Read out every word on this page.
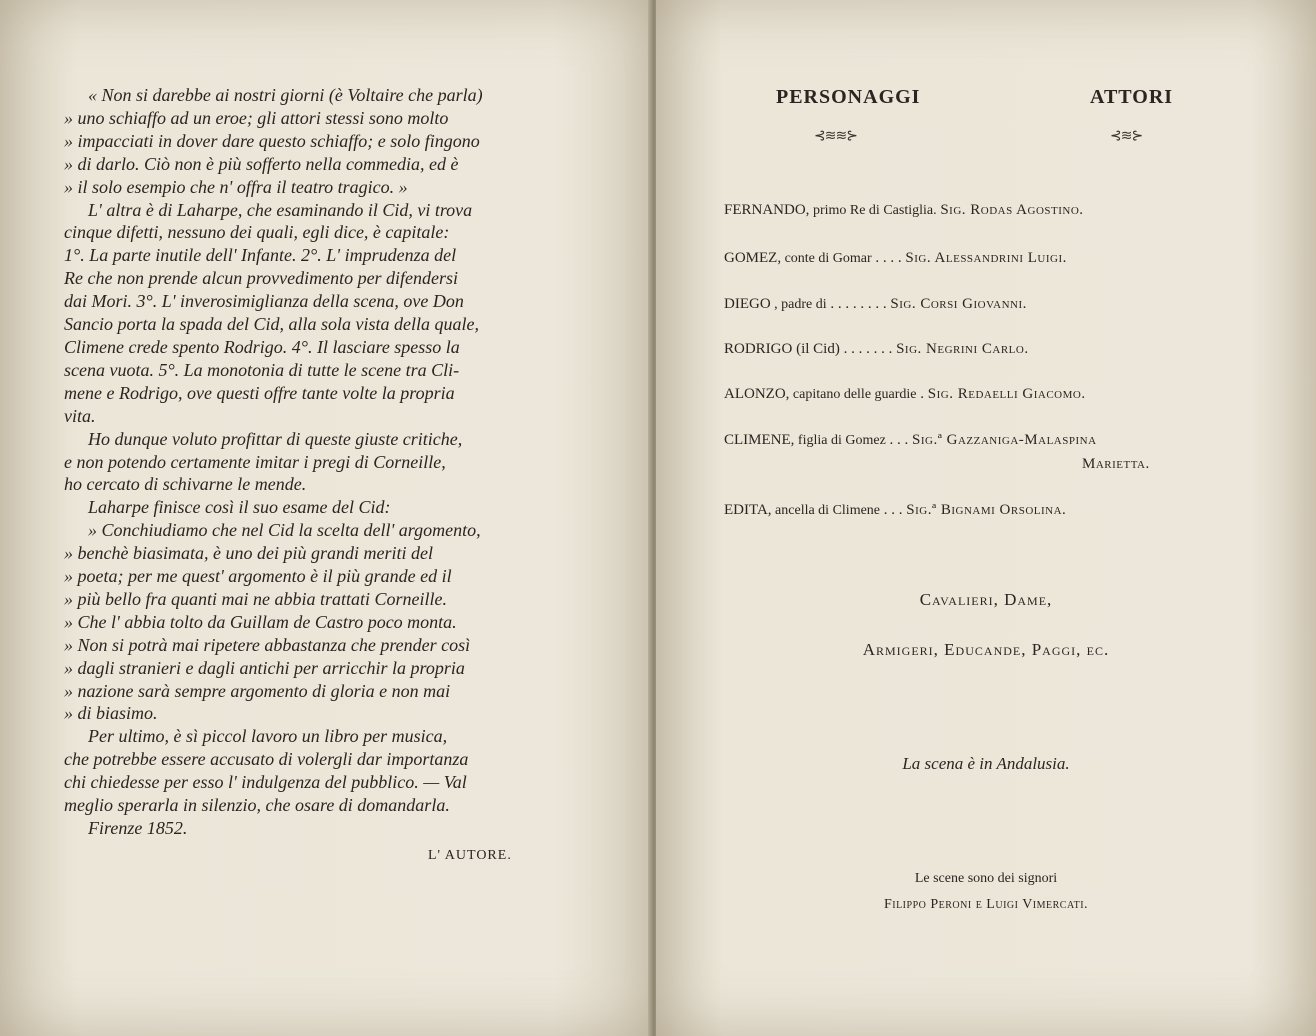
« Non si darebbe ai nostri giorni (è Voltaire che parla)
» uno schiaffo ad un eroe; gli attori stessi sono molto
» impacciati in dover dare questo schiaffo; e solo fingono
» di darlo. Ciò non è più sofferto nella commedia, ed è
» il solo esempio che n' offra il teatro tragico. »
L' altra è di Laharpe, che esaminando il Cid, vi trova
cinque difetti, nessuno dei quali, egli dice, è capitale:
1°. La parte inutile dell' Infante. 2°. L' imprudenza del
Re che non prende alcun provvedimento per difendersi
dai Mori. 3°. L' inverosimiglianza della scena, ove Don
Sancio porta la spada del Cid, alla sola vista della quale,
Climene crede spento Rodrigo. 4°. Il lasciare spesso la
scena vuota. 5°. La monotonia di tutte le scene tra Cli-
mene e Rodrigo, ove questi offre tante volte la propria
vita.
Ho dunque voluto profittar di queste giuste critiche,
e non potendo certamente imitar i pregi di Corneille,
ho cercato di schivarne le mende.
Laharpe finisce così il suo esame del Cid:
» Conchiudiamo che nel Cid la scelta dell' argomento,
» benchè biasimata, è uno dei più grandi meriti del
» poeta; per me quest' argomento è il più grande ed il
» più bello fra quanti mai ne abbia trattati Corneille.
» Che l' abbia tolto da Guillam de Castro poco monta.
» Non si potrà mai ripetere abbastanza che prender così
» dagli stranieri e dagli antichi per arricchir la propria
» nazione sarà sempre argomento di gloria e non mai
» di biasimo.
Per ultimo, è sì piccol lavoro un libro per musica,
che potrebbe essere accusato di volergli dar importanza
chi chiedesse per esso l' indulgenza del pubblico. — Val
meglio sperarla in silenzio, che osare di domandarla.
Firenze 1852.
L' AUTORE.
PERSONAGGI	ATTORI
⊰≋≋⊱	⊰≋⊱
FERNANDO, primo Re di Castiglia. Sig. Rodas Agostino.
GOMEZ, conte di Gomar . . . . Sig. Alessandrini Luigi.
DIEGO , padre di . . . . . . . . Sig. Corsi Giovanni.
RODRIGO (il Cid) . . . . . . . Sig. Negrini Carlo.
ALONZO, capitano delle guardie . Sig. Redaelli Giacomo.
CLIMENE, figlia di Gomez . . . Sig.ª Gazzaniga-Malaspina
Marietta.
EDITA, ancella di Climene . . . Sig.ª Bignami Orsolina.
Cavalieri, Dame,
Armigeri, Educande, Paggi, ec.
La scena è in Andalusia.
Le scene sono dei signori
Filippo Peroni e Luigi Vimercati.
